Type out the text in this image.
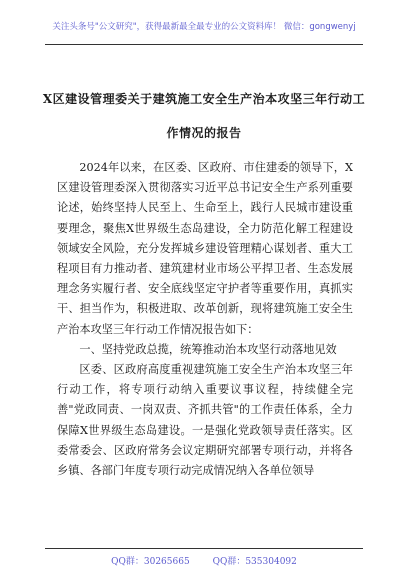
关注头条号"公文研究"，获得最新最全最专业的公文资料库！ 微信：gongwenyj
X区建设管理委关于建筑施工安全生产治本攻坚三年行动工
作情况的报告

2024年以来，在区委、区政府、市住建委的领导下，X区建设管理委深入贯彻落实习近平总书记安全生产系列重要论述，始终坚持人民至上、生命至上，践行人民城市建设重要理念，聚焦X世界级生态岛建设，全力防范化解工程建设领域安全风险，充分发挥城乡建设管理精心谋划者、重大工程项目有力推动者、建筑建材业市场公平捍卫者、生态发展理念务实履行者、安全底线坚定守护者等重要作用，真抓实干、担当作为，积极进取、改革创新，现将建筑施工安全生产治本攻坚三年行动工作情况报告如下：

一、坚持党政总揽，统筹推动治本攻坚行动落地见效

区委、区政府高度重视建筑施工安全生产治本攻坚三年行动工作，将专项行动纳入重要议事议程，持续健全完善"党政同责、一岗双责、齐抓共管"的工作责任体系，全力保障X世界级生态岛建设。一是强化党政领导责任落实。区委常委会、区政府常务会议定期研究部署专项行动，并将各乡镇、各部门年度专项行动完成情况纳入各单位领导

QQ群：30265665	QQ群：535304092
